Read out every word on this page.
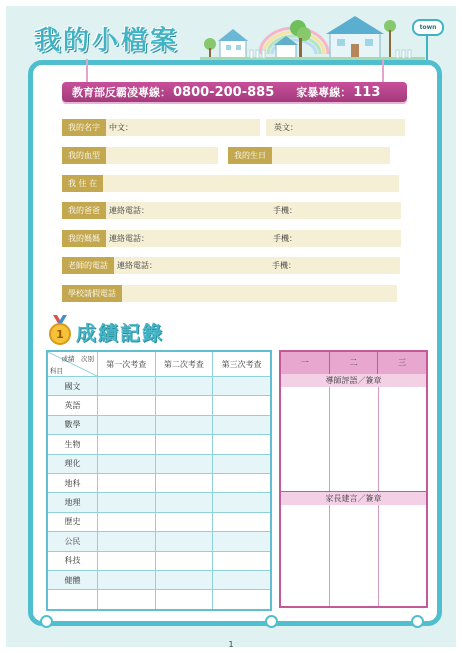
我的小檔案	town
教育部反霸凌專線： 0800-200-885 家暴專線： 113
我的名字	中文：	英文：
我的血型	我的生日
我 住 在
我的爸爸	連絡電話：	手機：
我的媽媽	連絡電話：	手機：
老師的電話	連絡電話：	手機：
學校請假電話
1 成績記錄
成績　次別
科目	第一次考查	第二次考查	第三次考查
國文			
英語			
數學			
生物			
理化			
地科			
地理			
歷史			
公民			
科技			
健體			

一	二	三
導師評語／簽章
家長建言／簽章
1
